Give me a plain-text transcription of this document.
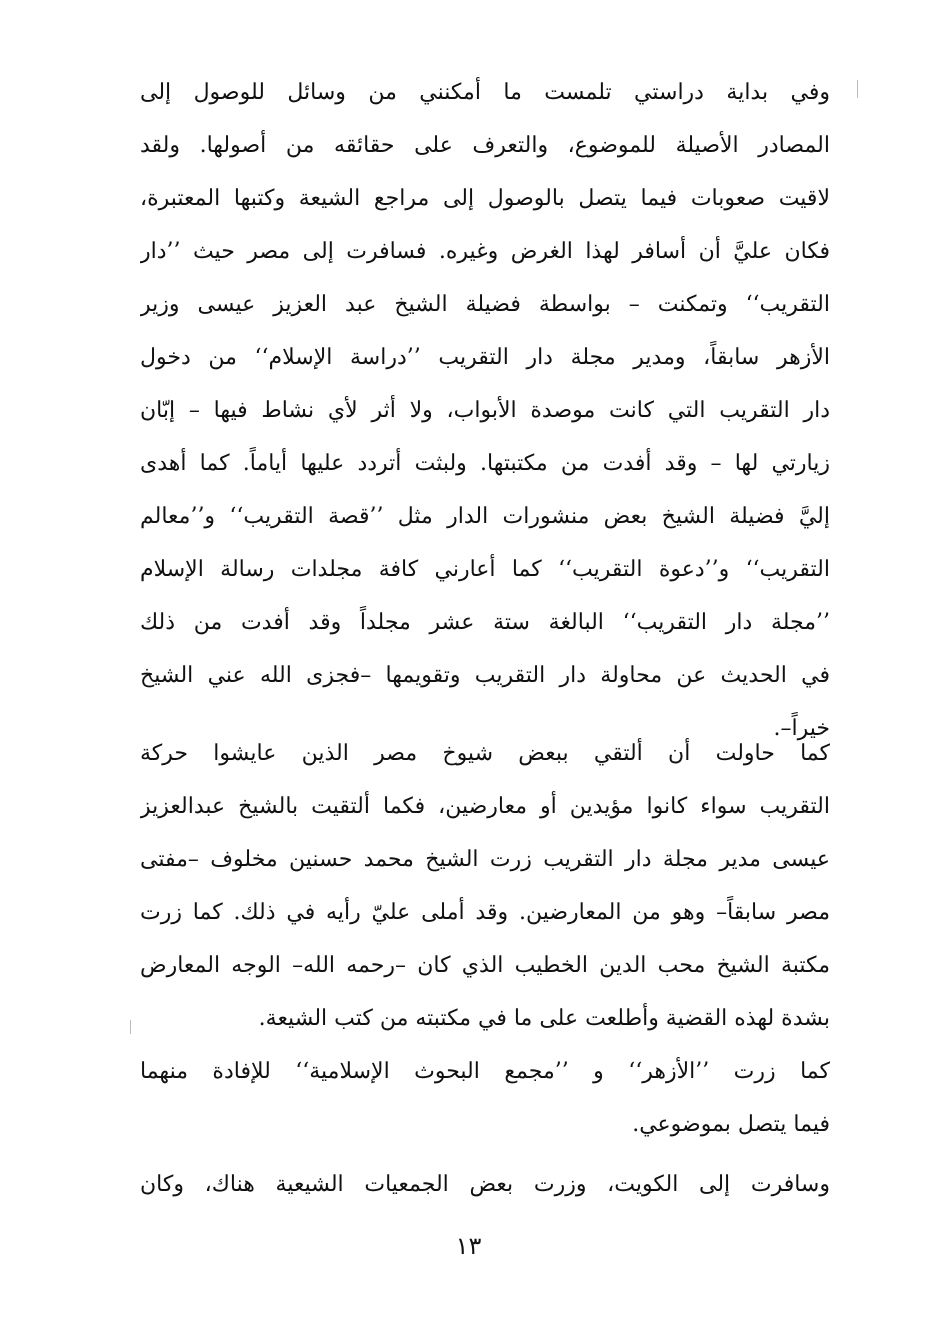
وفي بداية دراستي تلمست ما أمكنني من وسائل للوصول إلى
المصادر الأصيلة للموضوع، والتعرف على حقائقه من أصولها. ولقد
لاقيت صعوبات فيما يتصل بالوصول إلى مراجع الشيعة وكتبها المعتبرة،
فكان عليَّ أن أسافر لهذا الغرض وغيره. فسافرت إلى مصر حيث ’’دار
التقريب‘‘ وتمكنت – بواسطة فضيلة الشيخ عبد العزيز عيسى وزير
الأزهر سابقاً، ومدير مجلة دار التقريب ’’دراسة الإسلام‘‘ من دخول
دار التقريب التي كانت موصدة الأبواب، ولا أثر لأي نشاط فيها – إبّان
زيارتي لها – وقد أفدت من مكتبتها. ولبثت أتردد عليها أياماً. كما أهدى
إليَّ فضيلة الشيخ بعض منشورات الدار مثل ’’قصة التقريب‘‘ و’’معالم
التقريب‘‘ و’’دعوة التقريب‘‘ كما أعارني كافة مجلدات رسالة الإسلام
’’مجلة دار التقريب‘‘ البالغة ستة عشر مجلداً وقد أفدت من ذلك
في الحديث عن محاولة دار التقريب وتقويمها –فجزى الله عني الشيخ
خيراً–.
كما حاولت أن ألتقي ببعض شيوخ مصر الذين عايشوا حركة
التقريب سواء كانوا مؤيدين أو معارضين، فكما ألتقيت بالشيخ عبدالعزيز
عيسى مدير مجلة دار التقريب زرت الشيخ محمد حسنين مخلوف –مفتى
مصر سابقاً– وهو من المعارضين. وقد أملى عليّ رأيه في ذلك. كما زرت
مكتبة الشيخ محب الدين الخطيب الذي كان –رحمه الله– الوجه المعارض
بشدة لهذه القضية وأطلعت على ما في مكتبته من كتب الشيعة.
كما زرت ’’الأزهر‘‘ و ’’مجمع البحوث الإسلامية‘‘ للإفادة منهما
فيما يتصل بموضوعي.
وسافرت إلى الكويت، وزرت بعض الجمعيات الشيعية هناك، وكان
١٣
